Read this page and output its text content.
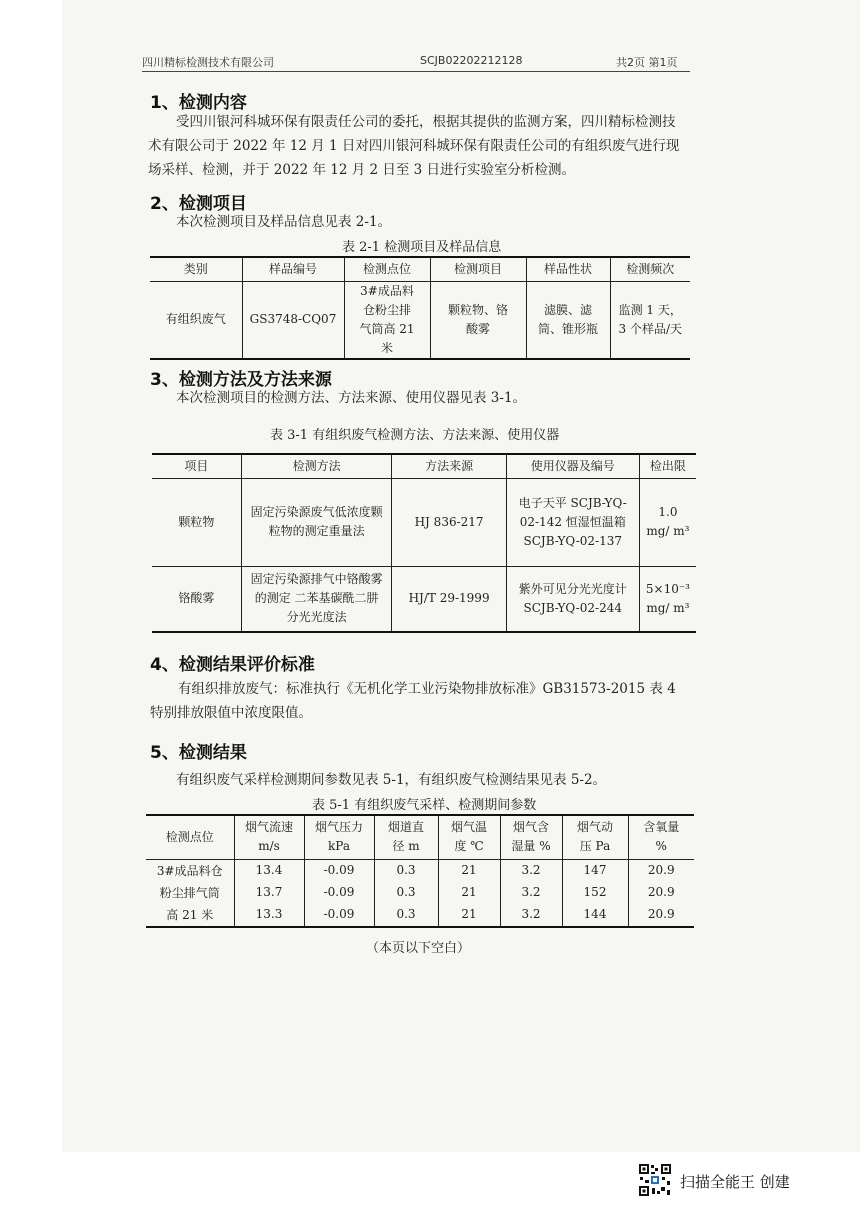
四川精标检测技术有限公司	SCJB02202212128	共2页 第1页
1、检测内容

受四川银河科城环保有限责任公司的委托，根据其提供的监测方案，四川精标检测技术有限公司于 2022 年 12 月 1 日对四川银河科城环保有限责任公司的有组织废气进行现场采样、检测，并于 2022 年 12 月 2 日至 3 日进行实验室分析检测。

2、检测项目

本次检测项目及样品信息见表 2-1。

表 2-1 检测项目及样品信息
类别	样品编号	检测点位	检测项目	样品性状	检测频次
有组织废气	GS3748-CQ07	3#成品料仓粉尘排气筒高 21 米	颗粒物、铬酸雾	滤膜、滤筒、锥形瓶	监测 1 天，3 个样品/天
3、检测方法及方法来源

本次检测项目的检测方法、方法来源、使用仪器见表 3-1。

表 3-1 有组织废气检测方法、方法来源、使用仪器
项目	检测方法	方法来源	使用仪器及编号	检出限
颗粒物	固定污染源废气低浓度颗粒物的测定重量法	HJ 836-217	电子天平 SCJB-YQ-02-142 恒湿恒温箱 SCJB-YQ-02-137	1.0 mg/ m³
铬酸雾	固定污染源排气中铬酸雾的测定 二苯基碳酰二肼分光光度法	HJ/T 29-1999	紫外可见分光光度计 SCJB-YQ-02-244	5×10⁻³ mg/ m³
4、检测结果评价标准

有组织排放废气：标准执行《无机化学工业污染物排放标准》GB31573-2015 表 4 特别排放限值中浓度限值。

5、检测结果

有组织废气采样检测期间参数见表 5-1，有组织废气检测结果见表 5-2。

表 5-1 有组织废气采样、检测期间参数
检测点位	烟气流速 m/s	烟气压力 kPa	烟道直径 m	烟气温度 ℃	烟气含湿量 %	烟气动压 Pa	含氧量 %
3#成品料仓粉尘排气筒高 21 米	13.4	-0.09	0.3	21	3.2	147	20.9
	13.7	-0.09	0.3	21	3.2	152	20.9
	13.3	-0.09	0.3	21	3.2	144	20.9
（本页以下空白）
扫描全能王 创建
